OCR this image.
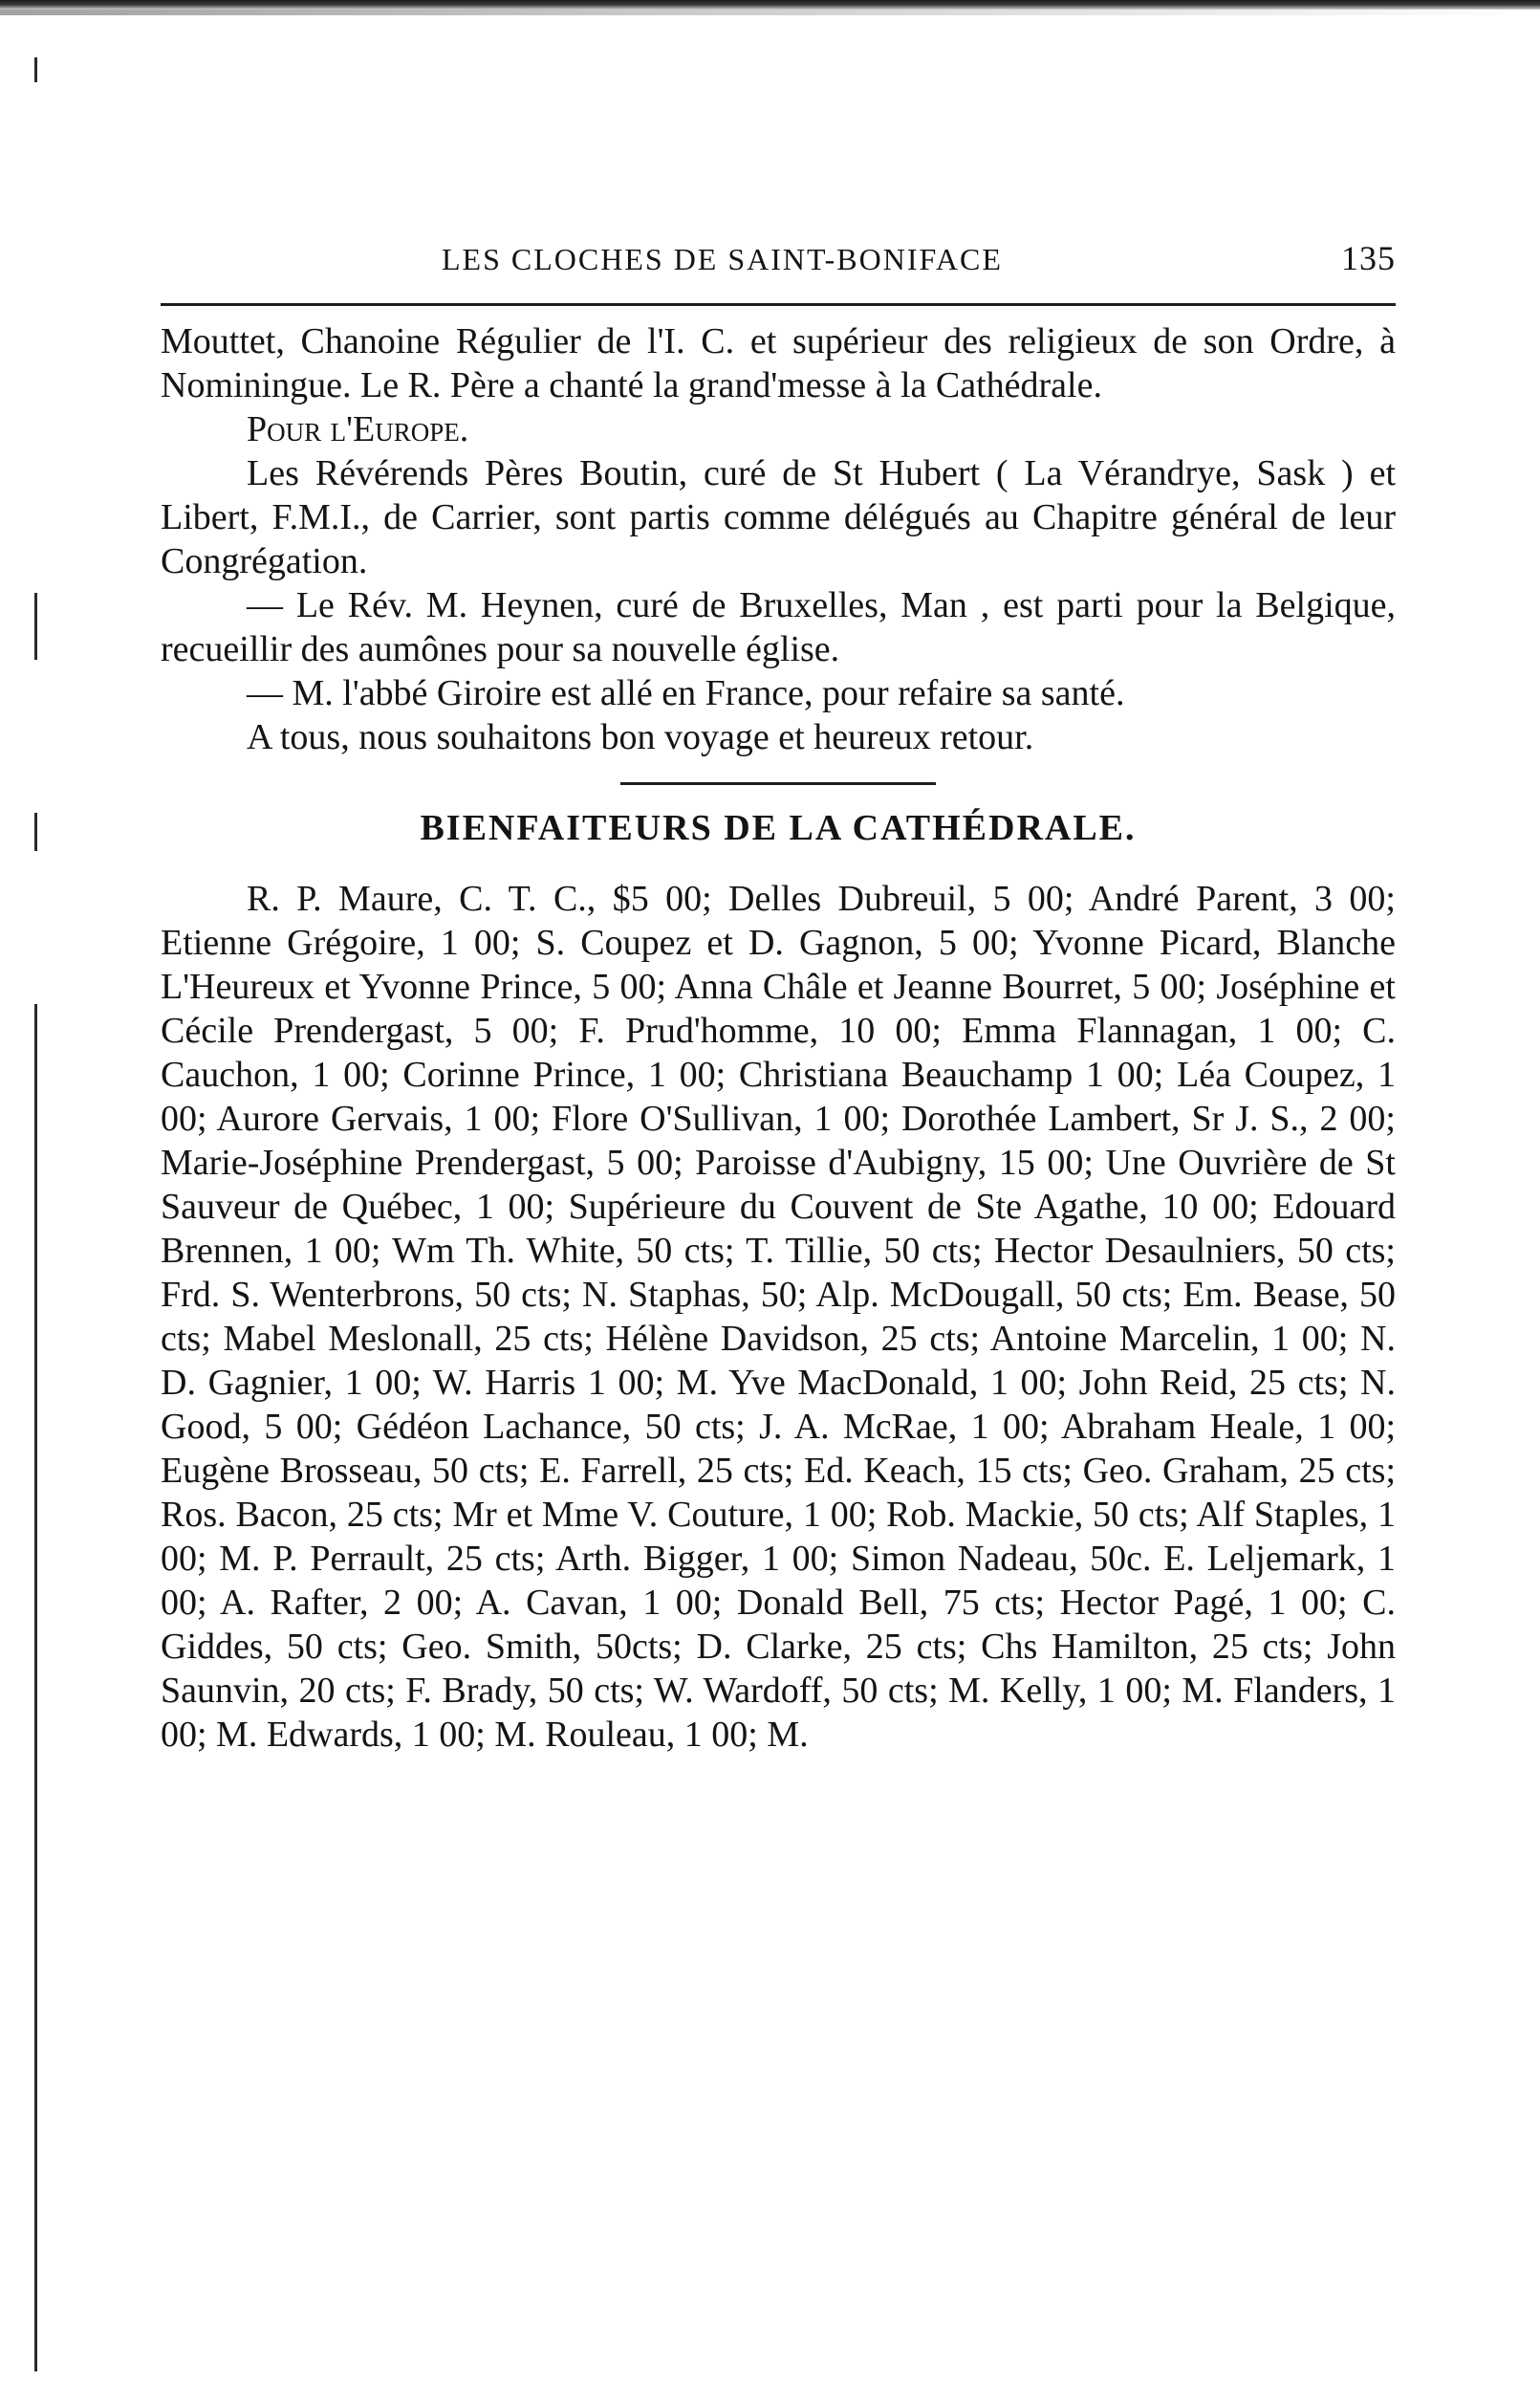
LES CLOCHES DE SAINT-BONIFACE	135

Mouttet, Chanoine Régulier de l'I. C. et supérieur des religieux de son Ordre, à Nominingue. Le R. Père a chanté la grand'messe à la Cathédrale.

Pour l'Europe.

Les Révérends Pères Boutin, curé de St Hubert ( La Vérandrye, Sask ) et Libert, F.M.I., de Carrier, sont partis comme délégués au Chapitre général de leur Congrégation.

— Le Rév. M. Heynen, curé de Bruxelles, Man , est parti pour la Belgique, recueillir des aumônes pour sa nouvelle église.

— M. l'abbé Giroire est allé en France, pour refaire sa santé.

A tous, nous souhaitons bon voyage et heureux retour.

BIENFAITEURS DE LA CATHÉDRALE.

R. P. Maure, C. T. C., $5 00; Delles Dubreuil, 5 00; André Parent, 3 00; Etienne Grégoire, 1 00; S. Coupez et D. Gagnon, 5 00; Yvonne Picard, Blanche L'Heureux et Yvonne Prince, 5 00; Anna Châle et Jeanne Bourret, 5 00; Joséphine et Cécile Prendergast, 5 00; F. Prud'homme, 10 00; Emma Flannagan, 1 00; C. Cauchon, 1 00; Corinne Prince, 1 00; Christiana Beauchamp 1 00; Léa Coupez, 1 00; Aurore Gervais, 1 00; Flore O'Sullivan, 1 00; Dorothée Lambert, Sr J. S., 2 00; Marie-Joséphine Prendergast, 5 00; Paroisse d'Aubigny, 15 00; Une Ouvrière de St Sauveur de Québec, 1 00; Supérieure du Couvent de Ste Agathe, 10 00; Edouard Brennen, 1 00; Wm Th. White, 50 cts; T. Tillie, 50 cts; Hector Desaulniers, 50 cts; Frd. S. Wenterbrons, 50 cts; N. Staphas, 50; Alp. McDougall, 50 cts; Em. Bease, 50 cts; Mabel Meslonall, 25 cts; Hélène Davidson, 25 cts; Antoine Marcelin, 1 00; N. D. Gagnier, 1 00; W. Harris 1 00; M. Yve MacDonald, 1 00; John Reid, 25 cts; N. Good, 5 00; Gédéon Lachance, 50 cts; J. A. McRae, 1 00; Abraham Heale, 1 00; Eugène Brosseau, 50 cts; E. Farrell, 25 cts; Ed. Keach, 15 cts; Geo. Graham, 25 cts; Ros. Bacon, 25 cts; Mr et Mme V. Couture, 1 00; Rob. Mackie, 50 cts; Alf Staples, 1 00; M. P. Perrault, 25 cts; Arth. Bigger, 1 00; Simon Nadeau, 50c. E. Leljemark, 1 00; A. Rafter, 2 00; A. Cavan, 1 00; Donald Bell, 75 cts; Hector Pagé, 1 00; C. Giddes, 50 cts; Geo. Smith, 50cts; D. Clarke, 25 cts; Chs Hamilton, 25 cts; John Saunvin, 20 cts; F. Brady, 50 cts; W. Wardoff, 50 cts; M. Kelly, 1 00; M. Flanders, 1 00; M. Edwards, 1 00; M. Rouleau, 1 00; M.
